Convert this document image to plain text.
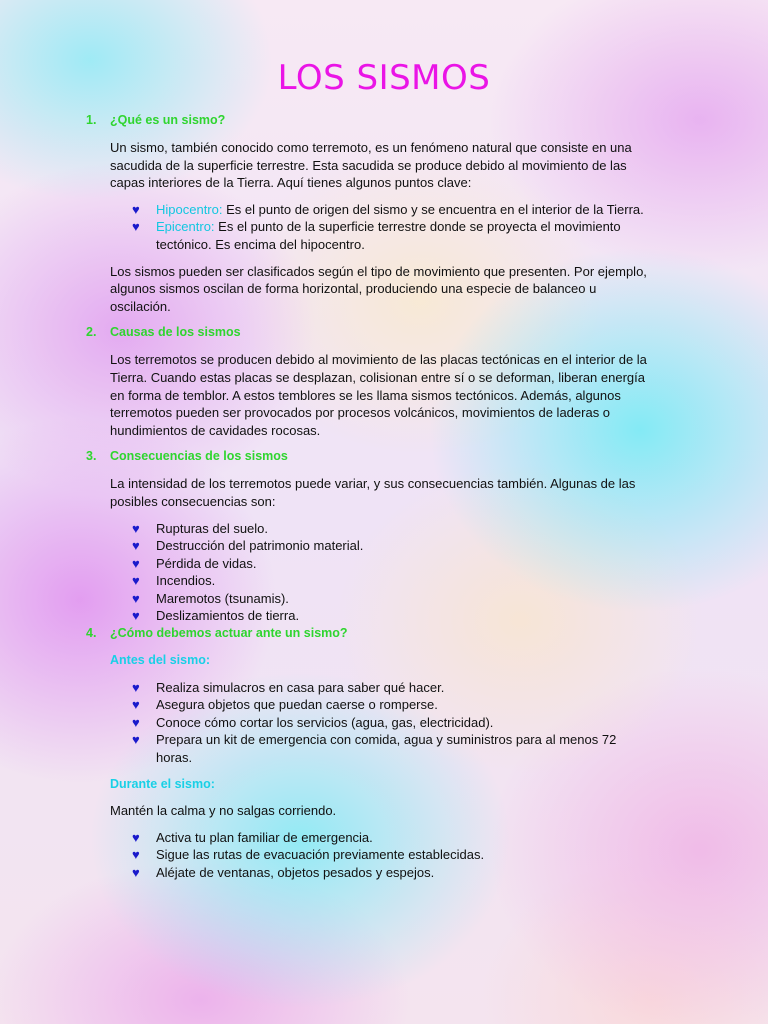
LOS SISMOS
1. ¿Qué es un sismo?

Un sismo, también conocido como terremoto, es un fenómeno natural que consiste en una sacudida de la superficie terrestre. Esta sacudida se produce debido al movimiento de las capas interiores de la Tierra. Aquí tienes algunos puntos clave:

♥ Hipocentro: Es el punto de origen del sismo y se encuentra en el interior de la Tierra.
♥ Epicentro: Es el punto de la superficie terrestre donde se proyecta el movimiento tectónico. Es encima del hipocentro.

Los sismos pueden ser clasificados según el tipo de movimiento que presenten. Por ejemplo, algunos sismos oscilan de forma horizontal, produciendo una especie de balanceo u oscilación.

2. Causas de los sismos

Los terremotos se producen debido al movimiento de las placas tectónicas en el interior de la Tierra. Cuando estas placas se desplazan, colisionan entre sí o se deforman, liberan energía en forma de temblor. A estos temblores se les llama sismos tectónicos. Además, algunos terremotos pueden ser provocados por procesos volcánicos, movimientos de laderas o hundimientos de cavidades rocosas.

3. Consecuencias de los sismos

La intensidad de los terremotos puede variar, y sus consecuencias también. Algunas de las posibles consecuencias son:

♥ Rupturas del suelo.
♥ Destrucción del patrimonio material.
♥ Pérdida de vidas.
♥ Incendios.
♥ Maremotos (tsunamis).
♥ Deslizamientos de tierra.
4. ¿Cómo debemos actuar ante un sismo?

Antes del sismo:

♥ Realiza simulacros en casa para saber qué hacer.
♥ Asegura objetos que puedan caerse o romperse.
♥ Conoce cómo cortar los servicios (agua, gas, electricidad).
♥ Prepara un kit de emergencia con comida, agua y suministros para al menos 72 horas.

Durante el sismo:

Mantén la calma y no salgas corriendo.

♥ Activa tu plan familiar de emergencia.
♥ Sigue las rutas de evacuación previamente establecidas.
♥ Aléjate de ventanas, objetos pesados y espejos.
